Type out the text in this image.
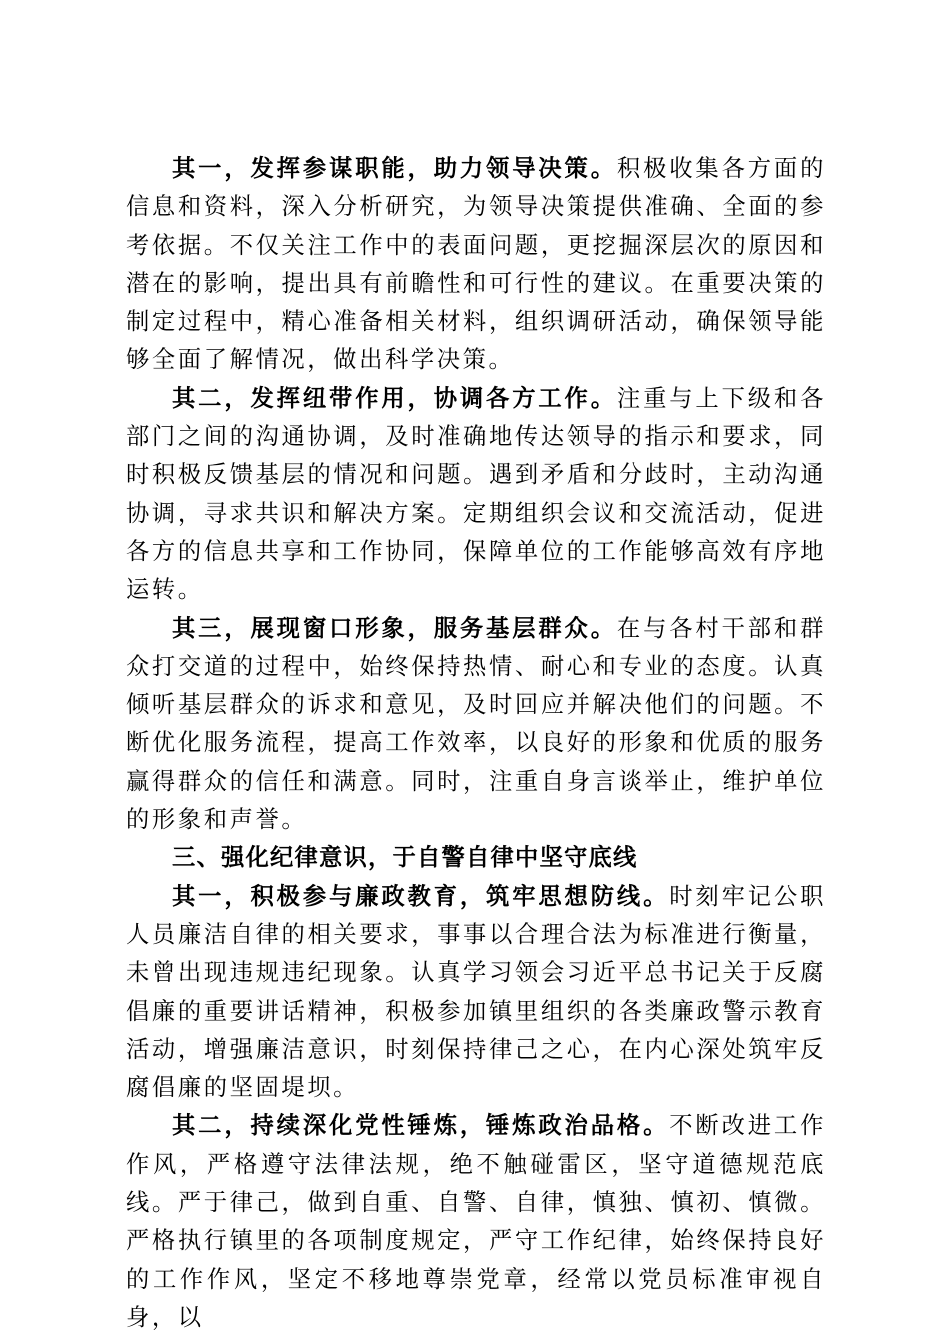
其一，发挥参谋职能，助力领导决策。积极收集各方面的信息和资料，深入分析研究，为领导决策提供准确、全面的参考依据。不仅关注工作中的表面问题，更挖掘深层次的原因和潜在的影响，提出具有前瞻性和可行性的建议。在重要决策的制定过程中，精心准备相关材料，组织调研活动，确保领导能够全面了解情况，做出科学决策。

其二，发挥纽带作用，协调各方工作。注重与上下级和各部门之间的沟通协调，及时准确地传达领导的指示和要求，同时积极反馈基层的情况和问题。遇到矛盾和分歧时，主动沟通协调，寻求共识和解决方案。定期组织会议和交流活动，促进各方的信息共享和工作协同，保障单位的工作能够高效有序地运转。

其三，展现窗口形象，服务基层群众。在与各村干部和群众打交道的过程中，始终保持热情、耐心和专业的态度。认真倾听基层群众的诉求和意见，及时回应并解决他们的问题。不断优化服务流程，提高工作效率，以良好的形象和优质的服务赢得群众的信任和满意。同时，注重自身言谈举止，维护单位的形象和声誉。

三、强化纪律意识，于自警自律中坚守底线

其一，积极参与廉政教育，筑牢思想防线。时刻牢记公职人员廉洁自律的相关要求，事事以合理合法为标准进行衡量，未曾出现违规违纪现象。认真学习领会习近平总书记关于反腐倡廉的重要讲话精神，积极参加镇里组织的各类廉政警示教育活动，增强廉洁意识，时刻保持律己之心，在内心深处筑牢反腐倡廉的坚固堤坝。

其二，持续深化党性锤炼，锤炼政治品格。不断改进工作作风，严格遵守法律法规，绝不触碰雷区，坚守道德规范底线。严于律己，做到自重、自警、自律，慎独、慎初、慎微。严格执行镇里的各项制度规定，严守工作纪律，始终保持良好的工作作风，坚定不移地尊崇党章，经常以党员标准审视自身，以
